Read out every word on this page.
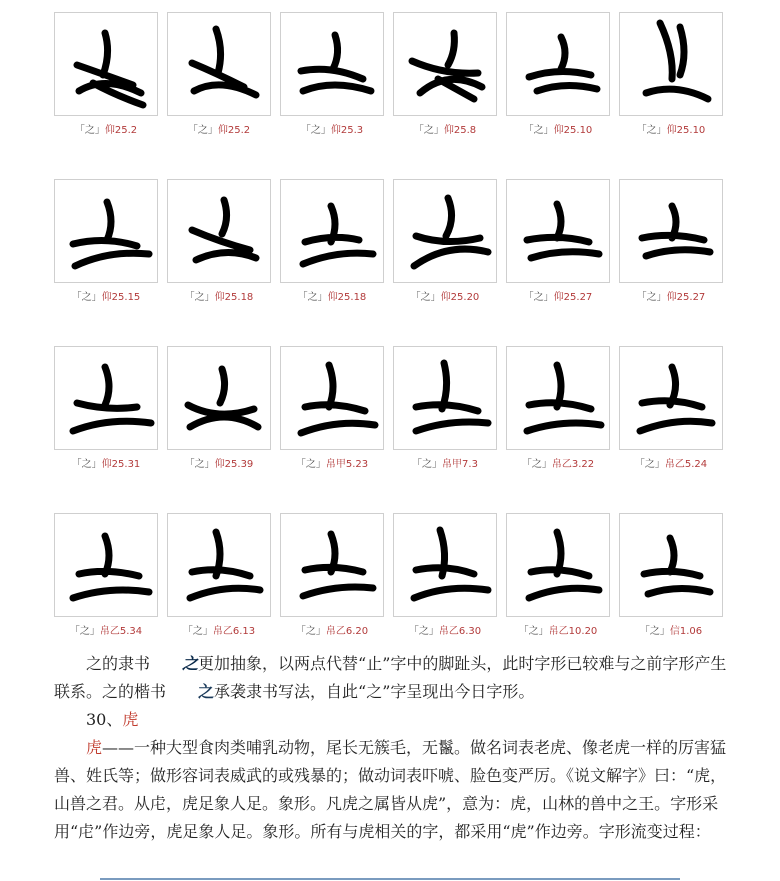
「之」仰25.2	「之」仰25.2	「之」仰25.3	「之」仰25.8	「之」仰25.10	「之」仰25.10
「之」仰25.15	「之」仰25.18	「之」仰25.18	「之」仰25.20	「之」仰25.27	「之」仰25.27
「之」仰25.31	「之」仰25.39	「之」帛甲5.23	「之」帛甲7.3	「之」帛乙3.22	「之」帛乙5.24
「之」帛乙5.34	「之」帛乙6.13	「之」帛乙6.20	「之」帛乙6.30	「之」帛乙10.20	「之」信1.06

之的隶书 之更加抽象，以两点代替“止”字中的脚趾头，此时字形已较难与之前字形产生联系。之的楷书 之承袭隶书写法，自此“之”字呈现出今日字形。

30、虎

虎——一种大型食肉类哺乳动物，尾长无簇毛，无鬣。做名词表老虎、像老虎一样的厉害猛兽、姓氏等；做形容词表威武的或残暴的；做动词表吓唬、脸色变严厉。《说文解字》曰：“虎，山兽之君。从虍，虎足象人足。象形。凡虎之属皆从虎”，意为：虎，山林的兽中之王。字形采用“虍”作边旁，虎足象人足。象形。所有与虎相关的字，都采用“虎”作边旁。字形流变过程：
